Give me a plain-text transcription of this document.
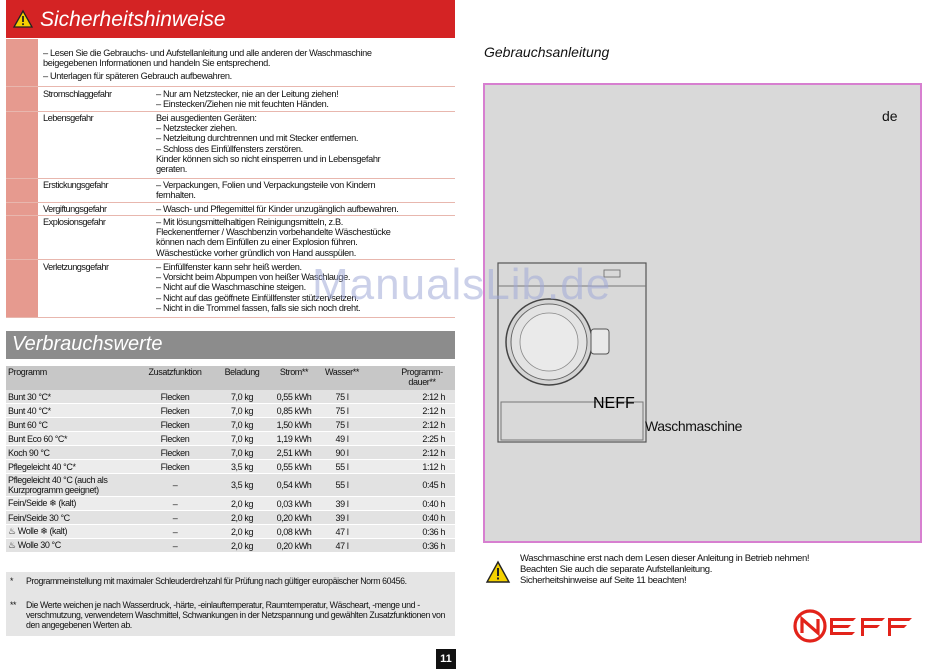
Sicherheitshinweise
– Lesen Sie die Gebrauchs- und Aufstellanleitung und alle anderen der Waschmaschine
beigegebenen Informationen und handeln Sie entsprechend.
– Unterlagen für späteren Gebrauch aufbewahren.
Stromschlaggefahr	– Nur am Netzstecker, nie an der Leitung ziehen!
– Einstecken/Ziehen nie mit feuchten Händen.
Lebensgefahr	Bei ausgedienten Geräten:
– Netzstecker ziehen.
– Netzleitung durchtrennen und mit Stecker entfernen.
– Schloss des Einfüllfensters zerstören.
Kinder können sich so nicht einsperren und in Lebensgefahr
geraten.
Erstickungsgefahr	– Verpackungen, Folien und Verpackungsteile von Kindern
fernhalten.
Vergiftungsgefahr	– Wasch- und Pflegemittel für Kinder unzugänglich aufbewahren.
Explosionsgefahr	– Mit lösungsmittelhaltigen Reinigungsmitteln, z.B.
Fleckenentferner / Waschbenzin vorbehandelte Wäschestücke
können nach dem Einfüllen zu einer Explosion führen.
Wäschestücke vorher gründlich von Hand ausspülen.
Verletzungsgefahr	– Einfüllfenster kann sehr heiß werden.
– Vorsicht beim Abpumpen von heißer Waschlauge.
– Nicht auf die Waschmaschine steigen.
– Nicht auf das geöffnete Einfüllfenster stützen/setzen.
– Nicht in die Trommel fassen, falls sie sich noch dreht.
Verbrauchswerte
Programm	Zusatzfunktion	Beladung	Strom**	Wasser**	Programm-dauer**
Bunt 30 °C*	Flecken	7,0 kg	0,55 kWh	75 l	2:12 h
Bunt 40 °C*	Flecken	7,0 kg	0,85 kWh	75 l	2:12 h
Bunt 60 °C	Flecken	7,0 kg	1,50 kWh	75 l	2:12 h
Bunt Eco 60 °C*	Flecken	7,0 kg	1,19 kWh	49 l	2:25 h
Koch 90 °C	Flecken	7,0 kg	2,51 kWh	90 l	2:12 h
Pflegeleicht 40 °C*	Flecken	3,5 kg	0,55 kWh	55 l	1:12 h
Pflegeleicht 40 °C (auch als Kurzprogramm geeignet)	–	3,5 kg	0,54 kWh	55 l	0:45 h
Fein/Seide ❄ (kalt)	–	2,0 kg	0,03 kWh	39 l	0:40 h
Fein/Seide 30 °C	–	2,0 kg	0,20 kWh	39 l	0:40 h
♨ Wolle ❄ (kalt)	–	2,0 kg	0,08 kWh	47 l	0:36 h
♨ Wolle 30 °C	–	2,0 kg	0,20 kWh	47 l	0:36 h
* Programmeinstellung mit maximaler Schleuderdrehzahl für Prüfung nach gültiger europäischer Norm 60456.
** Die Werte weichen je nach Wasserdruck, -härte, -einlauftemperatur, Raumtemperatur, Wäscheart, -menge und -verschmutzung, verwendetem Waschmittel, Schwankungen in der Netzspannung und gewählten Zusatzfunktionen von den angegebenen Werten ab.
11
Gebrauchsanleitung
de
Waschmaschine
ManualsLib.de
Waschmaschine erst nach dem Lesen dieser Anleitung in Betrieb nehmen!
Beachten Sie auch die separate Aufstellanleitung.
Sicherheitshinweise auf Seite 11 beachten!
NEFF
